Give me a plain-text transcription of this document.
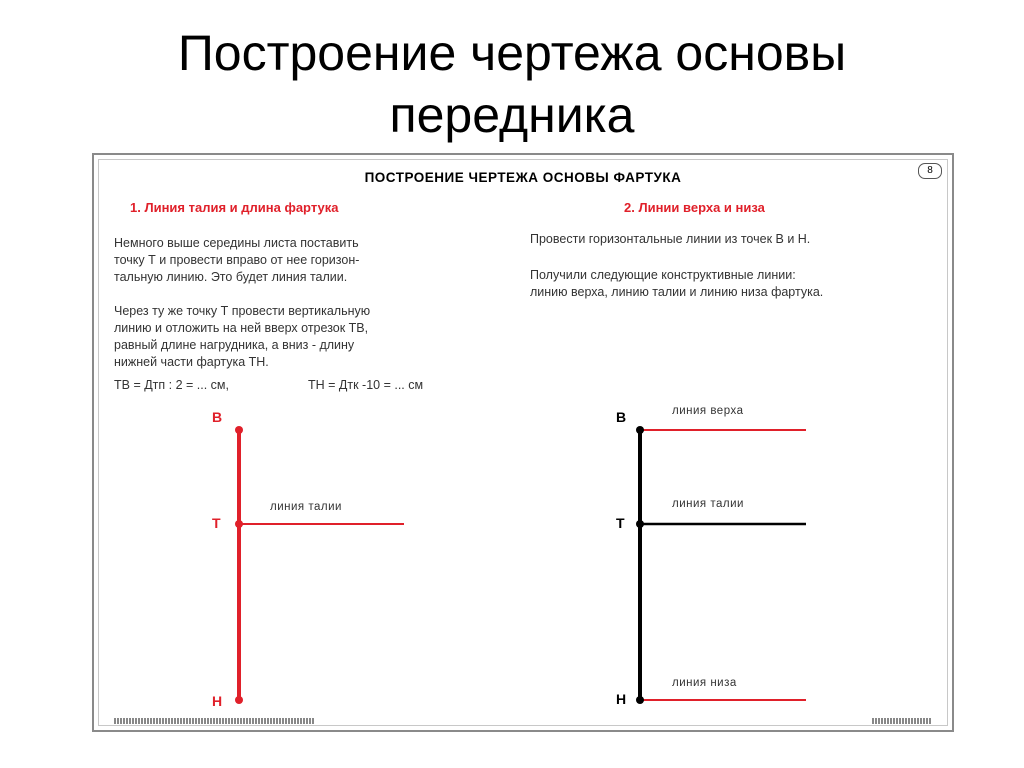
Построение чертежа основы
передника
ПОСТРОЕНИЕ ЧЕРТЕЖА ОСНОВЫ ФАРТУКА	8
1. Линия талия и длина фартука
Немного выше середины листа поставить
точку Т и провести вправо от нее горизон-
тальную линию. Это будет линия талии.
Через ту же точку Т провести вертикальную
линию и отложить на ней вверх отрезок ТВ,
равный длине нагрудника, а вниз - длину
нижней части фартука ТН.
ТВ = Дтп : 2 = ... см,	ТН = Дтк -10 = ... см
2. Линии верха и низа
Провести горизонтальные линии из точек В и Н.
Получили следующие конструктивные линии:
линию верха, линию талии и линию низа фартука.
В
Т
Н
линия талии
В
Т
Н
линия верха
линия талии
линия низа
